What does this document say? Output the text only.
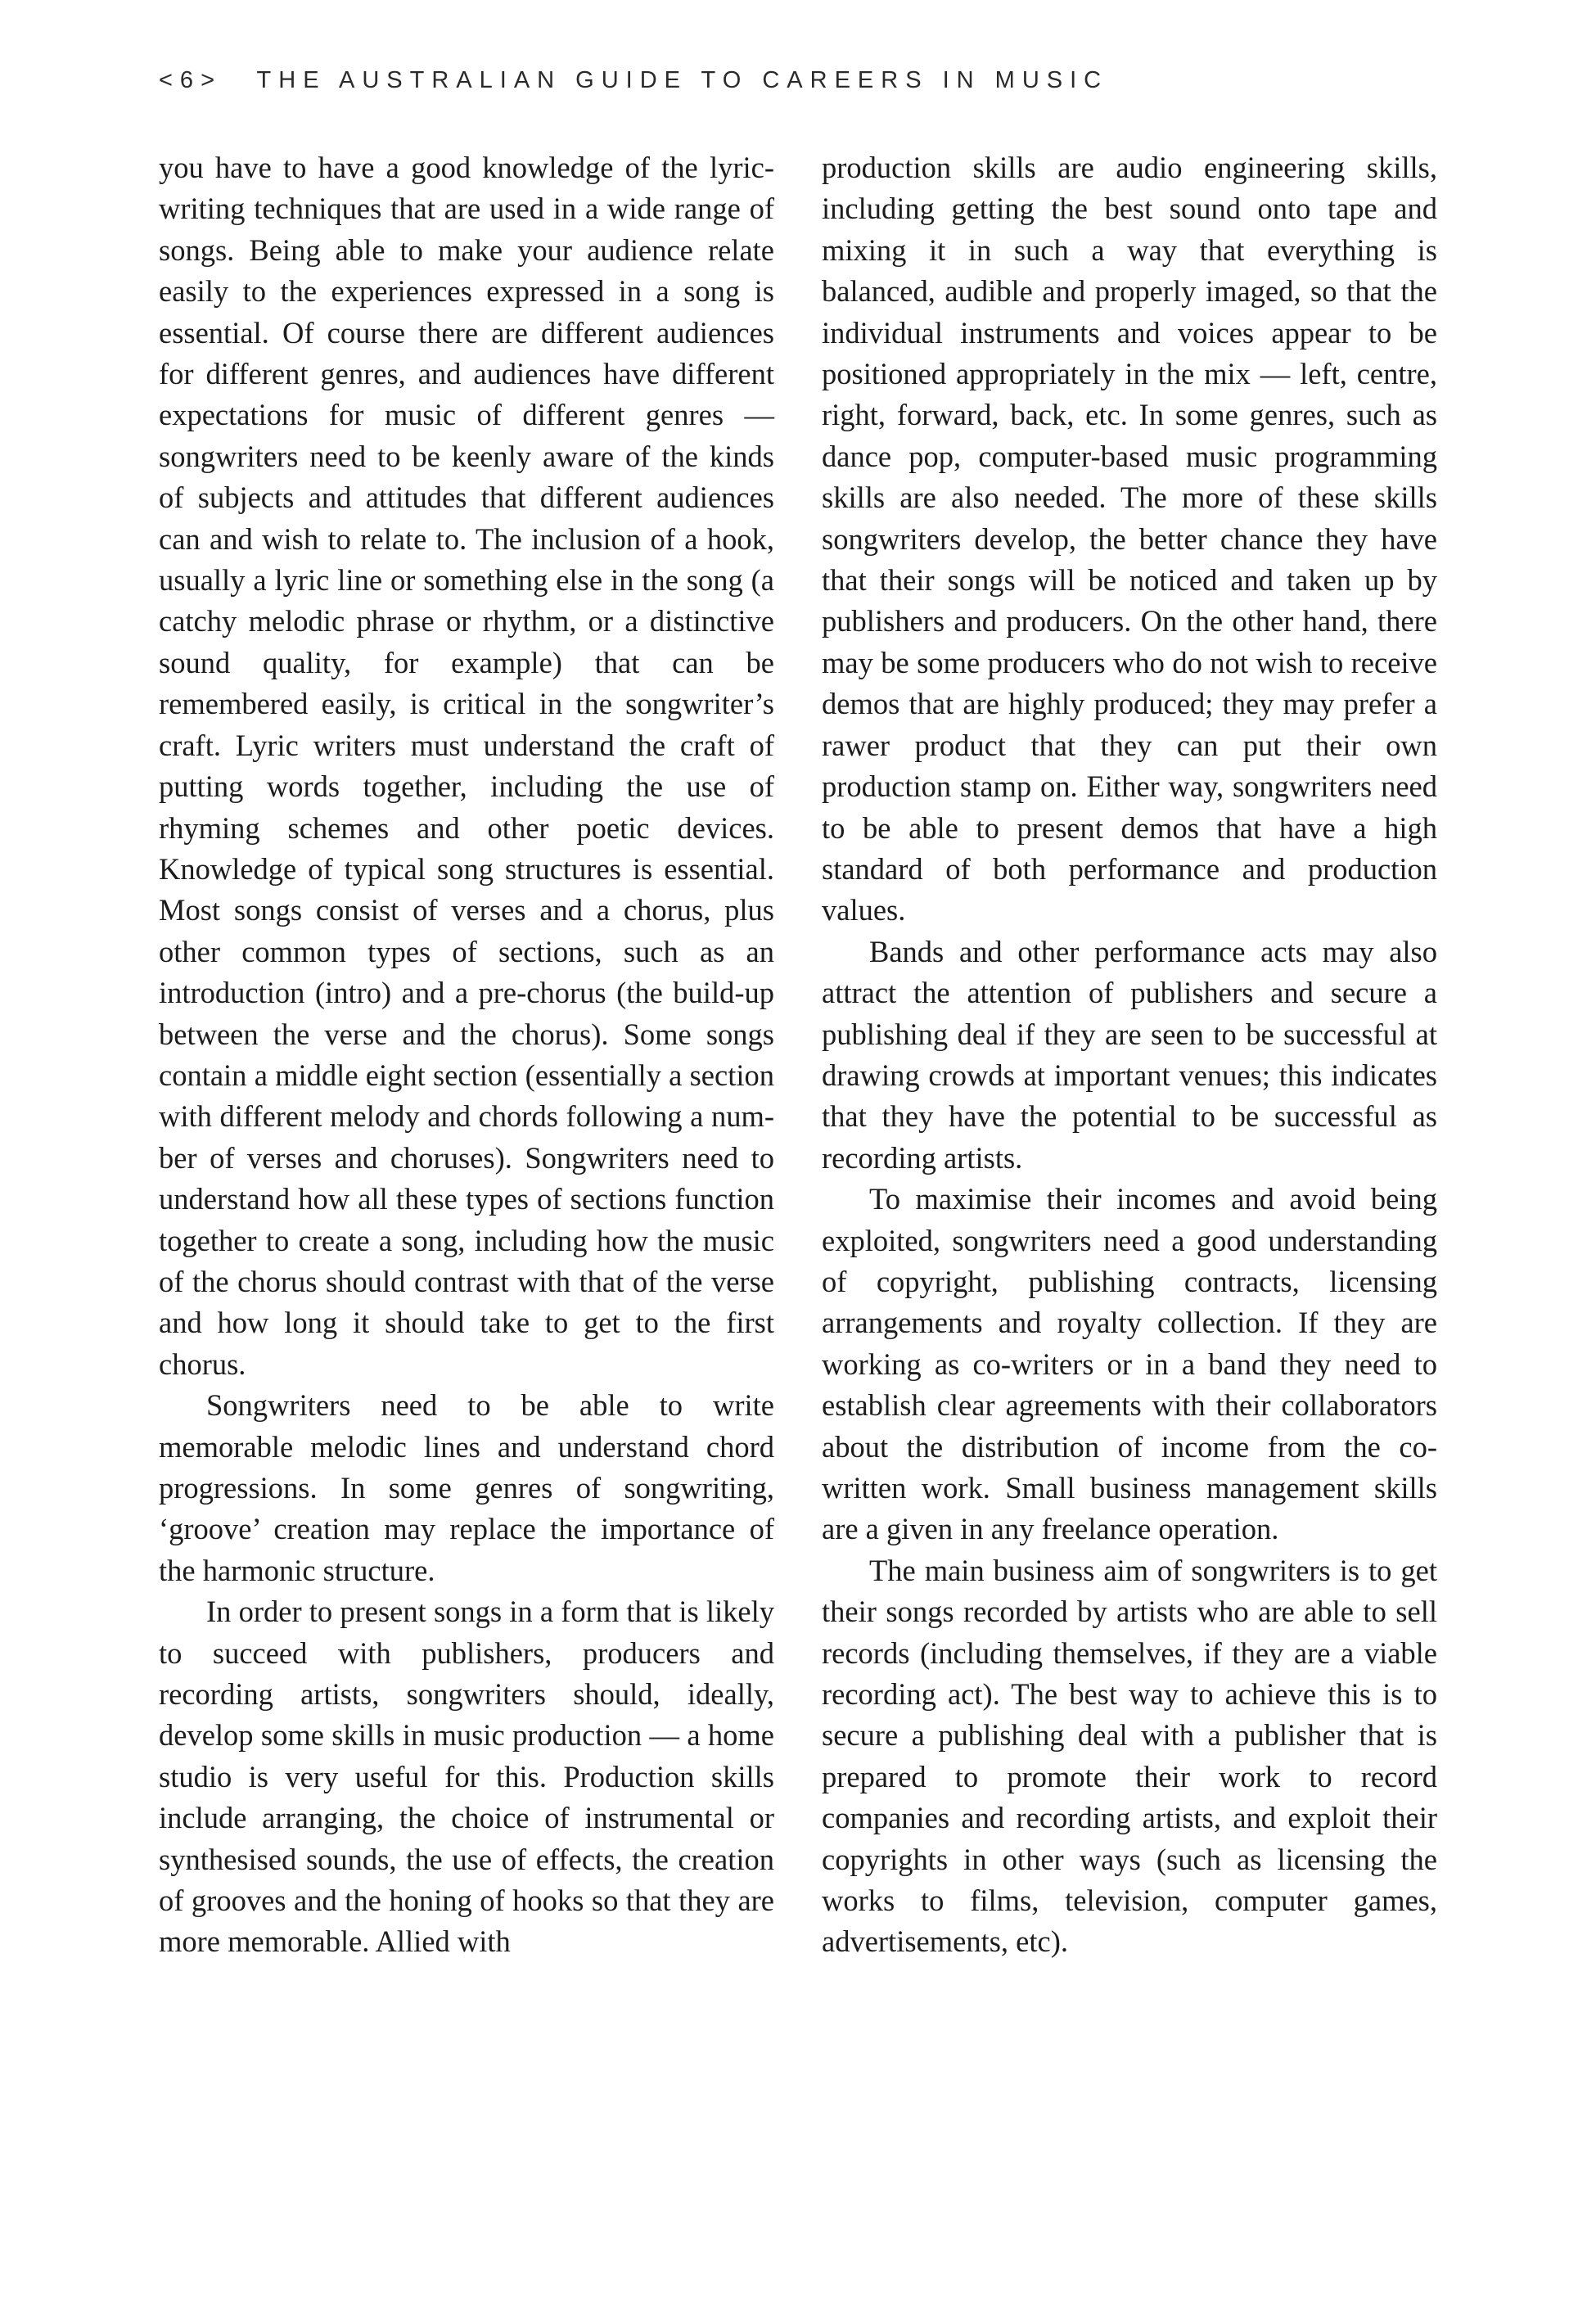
<6> THE AUSTRALIAN GUIDE TO CAREERS IN MUSIC

you have to have a good knowledge of the lyric-writing techniques that are used in a wide range of songs. Being able to make your audience relate easily to the experiences expressed in a song is essential. Of course there are different audiences for different genres, and audiences have different expectations for music of different genres — songwriters need to be keenly aware of the kinds of subjects and attitudes that different audiences can and wish to relate to. The inclusion of a hook, usually a lyric line or something else in the song (a catchy melodic phrase or rhythm, or a distinctive sound quality, for example) that can be remembered easily, is critical in the songwriter’s craft. Lyric writers must understand the craft of putting words together, including the use of rhyming schemes and other poetic devices. Knowledge of typical song structures is essential. Most songs consist of verses and a chorus, plus other common types of sections, such as an introduction (intro) and a pre-chorus (the build-up between the verse and the chorus). Some songs contain a middle eight section (essentially a section with different melody and chords following a number of verses and choruses). Songwriters need to understand how all these types of sections function together to create a song, including how the music of the chorus should contrast with that of the verse and how long it should take to get to the first chorus.

Songwriters need to be able to write memorable melodic lines and understand chord progressions. In some genres of songwriting, ‘groove’ creation may replace the importance of the harmonic structure.

In order to present songs in a form that is likely to succeed with publishers, producers and recording artists, songwriters should, ideally, develop some skills in music production — a home studio is very useful for this. Production skills include arranging, the choice of instrumental or synthesised sounds, the use of effects, the creation of grooves and the honing of hooks so that they are more memorable. Allied with

production skills are audio engineering skills, including getting the best sound onto tape and mixing it in such a way that everything is balanced, audible and properly imaged, so that the individual instruments and voices appear to be positioned appropriately in the mix — left, centre, right, forward, back, etc. In some genres, such as dance pop, computer-based music programming skills are also needed. The more of these skills songwriters develop, the better chance they have that their songs will be noticed and taken up by publishers and producers. On the other hand, there may be some producers who do not wish to receive demos that are highly produced; they may prefer a rawer product that they can put their own production stamp on. Either way, songwriters need to be able to present demos that have a high standard of both performance and production values.

Bands and other performance acts may also attract the attention of publishers and secure a publishing deal if they are seen to be successful at drawing crowds at important venues; this indicates that they have the potential to be successful as recording artists.

To maximise their incomes and avoid being exploited, songwriters need a good understanding of copyright, publishing contracts, licensing arrangements and royalty collection. If they are working as co-writers or in a band they need to establish clear agreements with their collaborators about the distribution of income from the co-written work. Small business management skills are a given in any freelance operation.

The main business aim of songwriters is to get their songs recorded by artists who are able to sell records (including themselves, if they are a viable recording act). The best way to achieve this is to secure a publishing deal with a publisher that is prepared to promote their work to record companies and recording artists, and exploit their copyrights in other ways (such as licensing the works to films, television, computer games, advertisements, etc).
